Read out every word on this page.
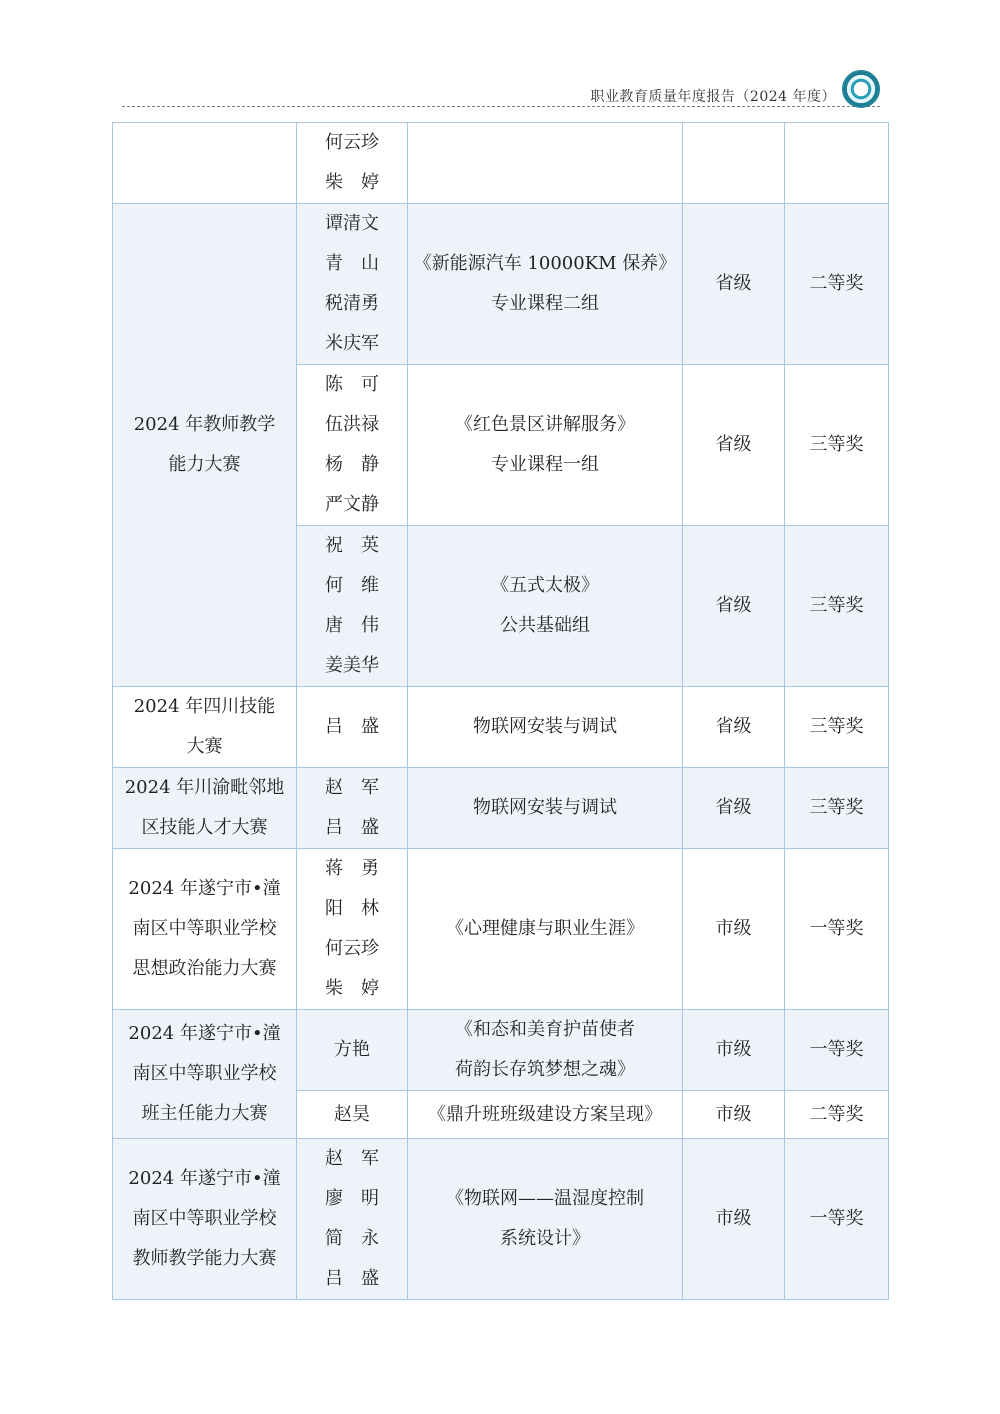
职业教育质量年度报告（2024 年度）

	何云珍
柴　婷			

2024 年教师教学
能力大赛	谭清文
青　山
税清勇
米庆军	《新能源汽车 10000KM 保养》
专业课程二组	省级	二等奖

	陈　可
伍洪禄
杨　静
严文静	《红色景区讲解服务》
专业课程一组	省级	三等奖

	祝　英
何　维
唐　伟
姜美华	《五式太极》
公共基础组	省级	三等奖

2024 年四川技能
大赛	吕　盛	物联网安装与调试	省级	三等奖

2024 年川渝毗邻地
区技能人才大赛	赵　军
吕　盛	物联网安装与调试	省级	三等奖

2024 年遂宁市•潼
南区中等职业学校
思想政治能力大赛	蒋　勇
阳　林
何云珍
柴　婷	《心理健康与职业生涯》	市级	一等奖

2024 年遂宁市•潼
南区中等职业学校
班主任能力大赛	方艳	《和态和美育护苗使者
荷韵长存筑梦想之魂》	市级	一等奖

	赵昊	《鼎升班班级建设方案呈现》	市级	二等奖

2024 年遂宁市•潼
南区中等职业学校
教师教学能力大赛	赵　军
廖　明
简　永
吕　盛	《物联网——温湿度控制
系统设计》	市级	一等奖
